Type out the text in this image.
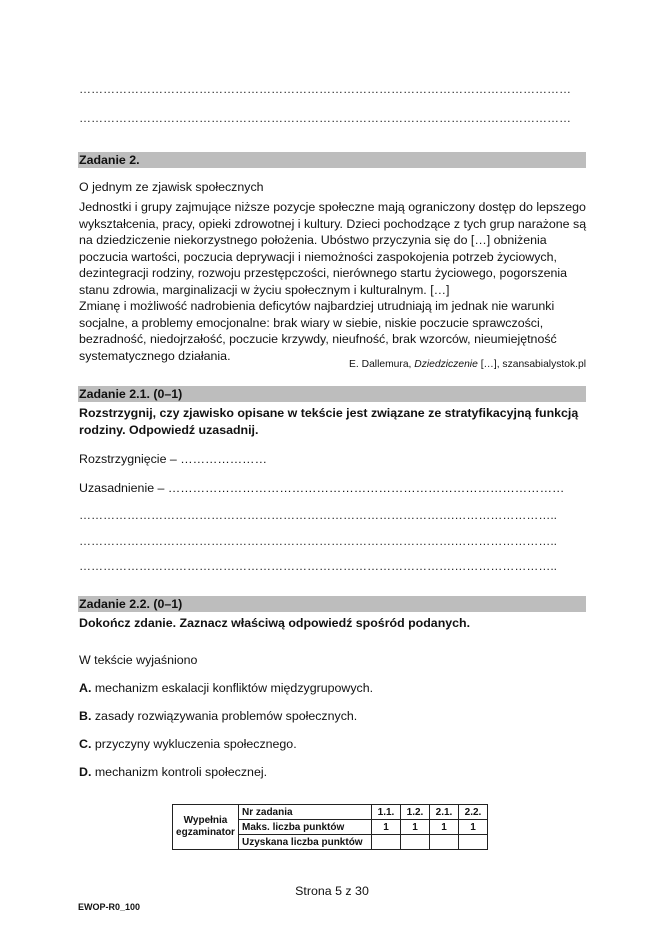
……………………………………………………………………………………………………………
……………………………………………………………………………………………………………
Zadanie 2.
O jednym ze zjawisk społecznych
Jednostki i grupy zajmujące niższe pozycje społeczne mają ograniczony dostęp do lepszego wykształcenia, pracy, opieki zdrowotnej i kultury. Dzieci pochodzące z tych grup narażone są na dziedziczenie niekorzystnego położenia. Ubóstwo przyczynia się do […] obniżenia poczucia wartości, poczucia deprywacji i niemożności zaspokojenia potrzeb życiowych, dezintegracji rodziny, rozwoju przestępczości, nierównego startu życiowego, pogorszenia stanu zdrowia, marginalizacji w życiu społecznym i kulturalnym. […]
Zmianę i możliwość nadrobienia deficytów najbardziej utrudniają im jednak nie warunki socjalne, a problemy emocjonalne: brak wiary w siebie, niskie poczucie sprawczości, bezradność, niedojrzałość, poczucie krzywdy, nieufność, brak wzorców, nieumiejętność systematycznego działania.
E. Dallemura, Dziedziczenie […], szansabialystok.pl
Zadanie 2.1. (0–1)
Rozstrzygnij, czy zjawisko opisane w tekście jest związane ze stratyfikacyjną funkcją rodziny. Odpowiedź uzasadnij.
Rozstrzygnięcie – …………………
Uzasadnienie – ……………………………………………………………………………………
………………………………………………………………………………….……………………..
………………………………………………………………………………….……………………..
………………………………………………………………………………….……………………..
Zadanie 2.2. (0–1)
Dokończ zdanie. Zaznacz właściwą odpowiedź spośród podanych.
W tekście wyjaśniono
A. mechanizm eskalacji konfliktów międzygrupowych.
B. zasady rozwiązywania problemów społecznych.
C. przyczyny wykluczenia społecznego.
D. mechanizm kontroli społecznej.
Wypełnia
egzaminator	Nr zadania	1.1.	1.2.	2.1.	2.2.
	Maks. liczba punktów	1	1	1	1
	Uzyskana liczba punktów				
Strona 5 z 30
EWOP-R0_100
